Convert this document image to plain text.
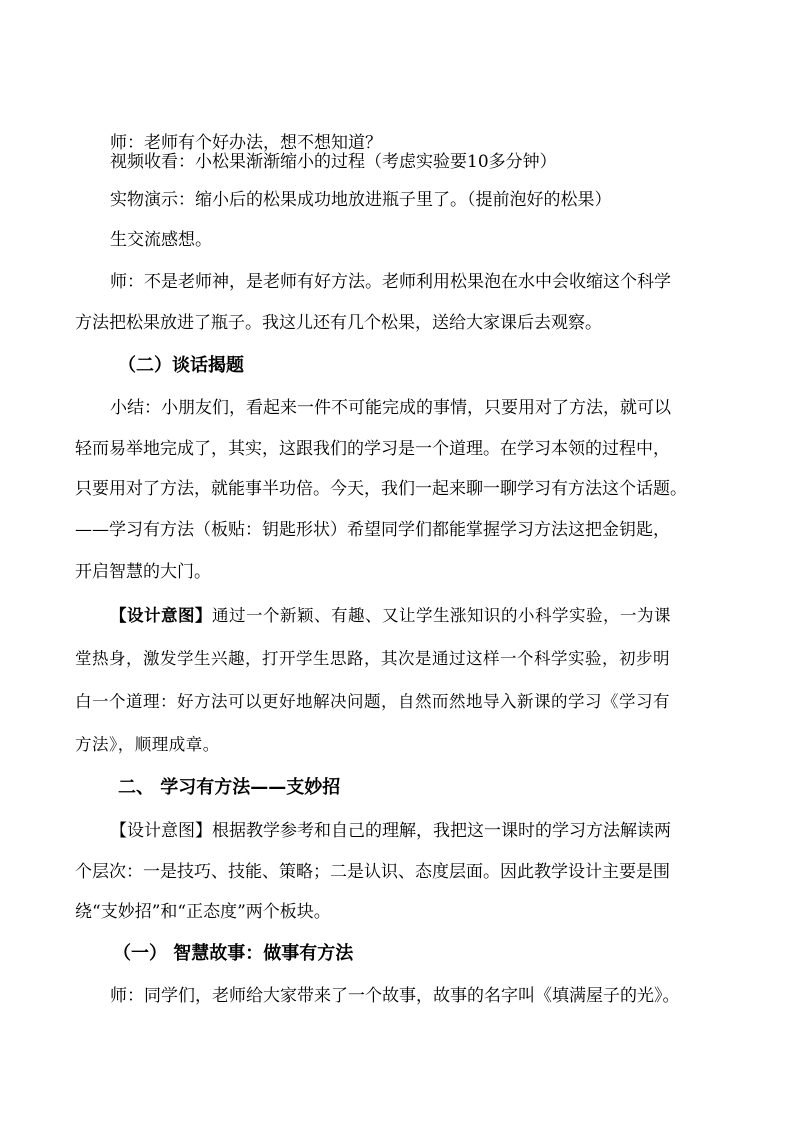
师：老师有个好办法，想不想知道？

视频收看：小松果渐渐缩小的过程（考虑实验要10多分钟）

实物演示：缩小后的松果成功地放进瓶子里了。（提前泡好的松果）

生交流感想。

师：不是老师神，是老师有好方法。老师利用松果泡在水中会收缩这个科学

方法把松果放进了瓶子。我这儿还有几个松果，送给大家课后去观察。

（二）谈话揭题

小结：小朋友们，看起来一件不可能完成的事情，只要用对了方法，就可以

轻而易举地完成了，其实，这跟我们的学习是一个道理。在学习本领的过程中，

只要用对了方法，就能事半功倍。今天，我们一起来聊一聊学习有方法这个话题。

——学习有方法（板贴：钥匙形状）希望同学们都能掌握学习方法这把金钥匙，

开启智慧的大门。

【设计意图】通过一个新颖、有趣、又让学生涨知识的小科学实验，一为课

堂热身，激发学生兴趣，打开学生思路，其次是通过这样一个科学实验，初步明

白一个道理：好方法可以更好地解决问题，自然而然地导入新课的学习《学习有

方法》，顺理成章。

二、 学习有方法——支妙招

【设计意图】根据教学参考和自己的理解，我把这一课时的学习方法解读两

个层次：一是技巧、技能、策略；二是认识、态度层面。因此教学设计主要是围

绕“支妙招”和“正态度”两个板块。

（一） 智慧故事：做事有方法

师：同学们，老师给大家带来了一个故事，故事的名字叫《填满屋子的光》。
